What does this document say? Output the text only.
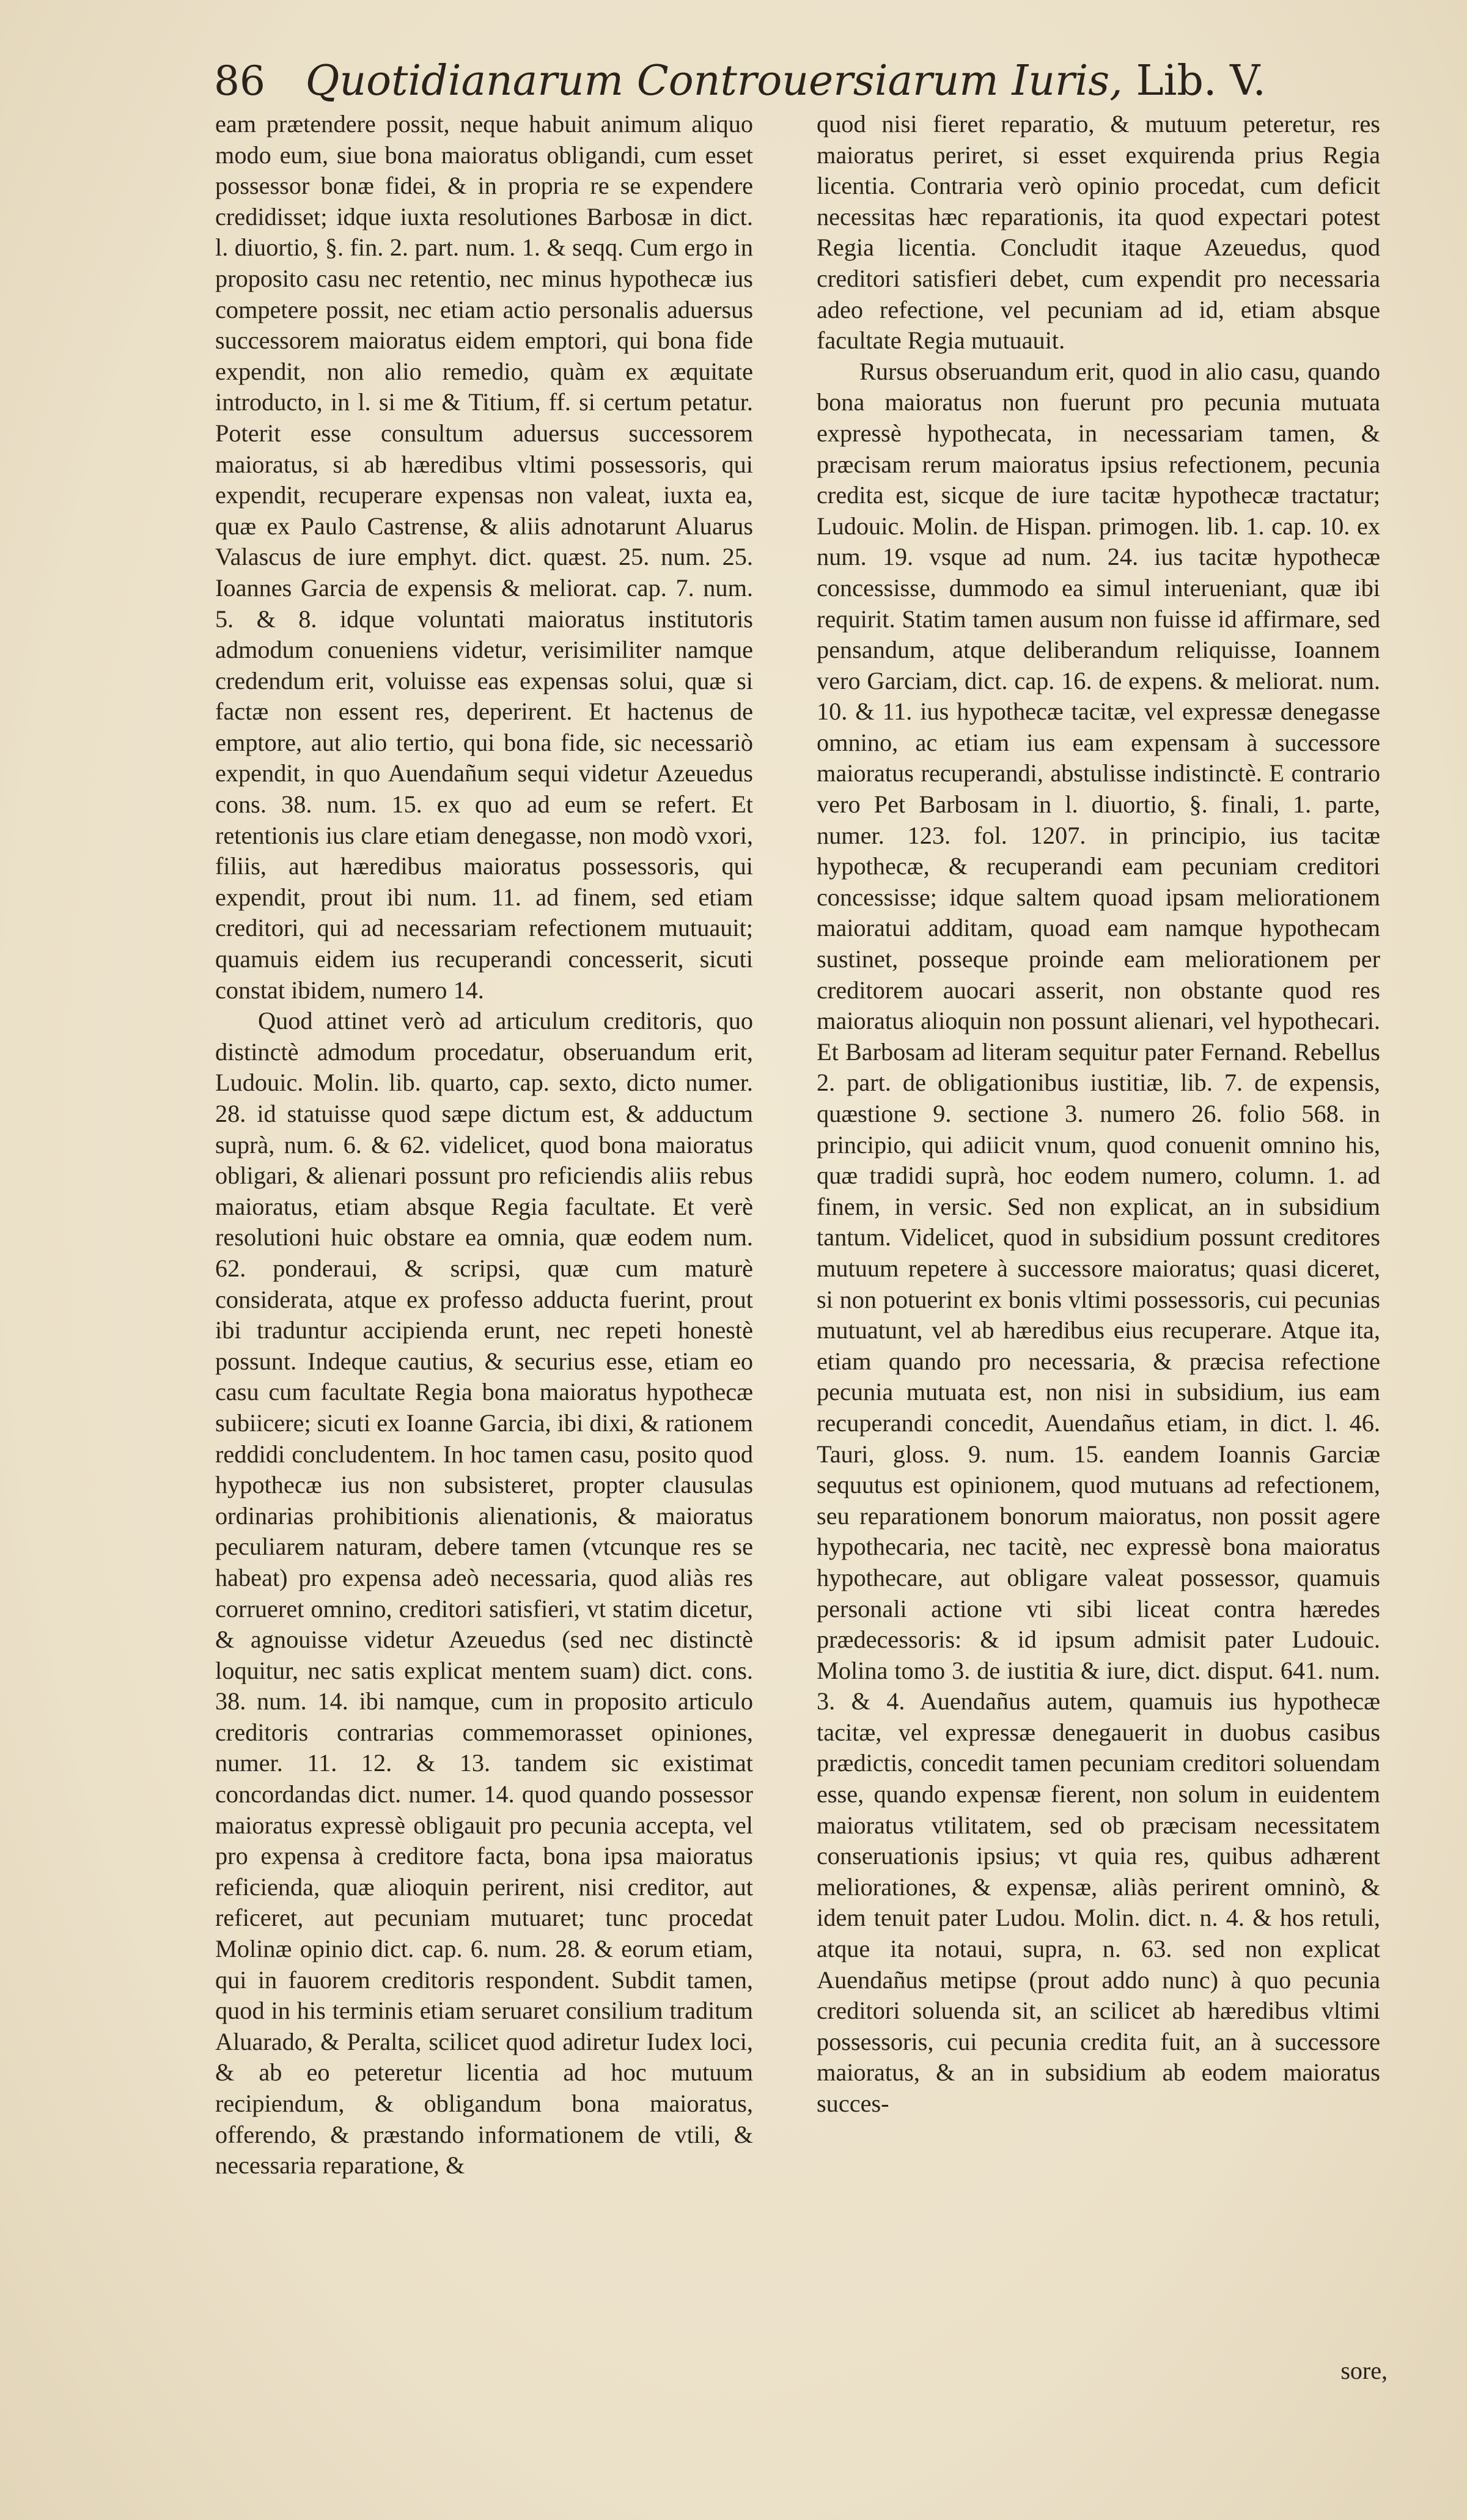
86 Quotidianarum Controuersiarum Iuris, Lib. V.

eam prætendere possit, neque habuit animum aliquo modo eum, siue bona maioratus obligandi, cum esset possessor bonæ fidei, & in propria re se expendere credidisset; idque iuxta resolutiones Barbosæ in dict. l. diuortio, §. fin. 2. part. num. 1. & seqq. Cum ergo in proposito casu nec retentio, nec minus hypothecæ ius competere possit, nec etiam actio personalis aduersus successorem maioratus eidem emptori, qui bona fide expendit, non alio remedio, quàm ex æquitate introducto, in l. si me & Titium, ff. si certum petatur. Poterit esse consultum aduersus successorem maioratus, si ab hæredibus vltimi possessoris, qui expendit, recuperare expensas non valeat, iuxta ea, quæ ex Paulo Castrense, & aliis adnotarunt Aluarus Valascus de iure emphyt. dict. quæst. 25. num. 25. Ioannes Garcia de expensis & meliorat. cap. 7. num. 5. & 8. idque voluntati maioratus institutoris admodum conueniens videtur, verisimiliter namque credendum erit, voluisse eas expensas solui, quæ si factæ non essent res, deperirent. Et hactenus de emptore, aut alio tertio, qui bona fide, sic necessariò expendit, in quo Auendañum sequi videtur Azeuedus cons. 38. num. 15. ex quo ad eum se refert. Et retentionis ius clare etiam denegasse, non modò vxori, filiis, aut hæredibus maioratus possessoris, qui expendit, prout ibi num. 11. ad finem, sed etiam creditori, qui ad necessariam refectionem mutuauit; quamuis eidem ius recuperandi concesserit, sicuti constat ibidem, numero 14.

Quod attinet verò ad articulum creditoris, quo distinctè admodum procedatur, obseruandum erit, Ludouic. Molin. lib. quarto, cap. sexto, dicto numer. 28. id statuisse quod sæpe dictum est, & adductum suprà, num. 6. & 62. videlicet, quod bona maioratus obligari, & alienari possunt pro reficiendis aliis rebus maioratus, etiam absque Regia facultate. Et verè resolutioni huic obstare ea omnia, quæ eodem num. 62. ponderaui, & scripsi, quæ cum maturè considerata, atque ex professo adducta fuerint, prout ibi traduntur accipienda erunt, nec repeti honestè possunt. Indeque cautius, & securius esse, etiam eo casu cum facultate Regia bona maioratus hypothecæ subiicere; sicuti ex Ioanne Garcia, ibi dixi, & rationem reddidi concludentem. In hoc tamen casu, posito quod hypothecæ ius non subsisteret, propter clausulas ordinarias prohibitionis alienationis, & maioratus peculiarem naturam, debere tamen (vtcunque res se habeat) pro expensa adeò necessaria, quod aliàs res corrueret omnino, creditori satisfieri, vt statim dicetur, & agnouisse videtur Azeuedus (sed nec distinctè loquitur, nec satis explicat mentem suam) dict. cons. 38. num. 14. ibi namque, cum in proposito articulo creditoris contrarias commemorasset opiniones, numer. 11. 12. & 13. tandem sic existimat concordandas dict. numer. 14. quod quando possessor maioratus expressè obligauit pro pecunia accepta, vel pro expensa à creditore facta, bona ipsa maioratus reficienda, quæ alioquin perirent, nisi creditor, aut reficeret, aut pecuniam mutuaret; tunc procedat Molinæ opinio dict. cap. 6. num. 28. & eorum etiam, qui in fauorem creditoris respondent. Subdit tamen, quod in his terminis etiam seruaret consilium traditum Aluarado, & Peralta, scilicet quod adiretur Iudex loci, & ab eo peteretur licentia ad hoc mutuum recipiendum, & obligandum bona maioratus, offerendo, & præstando informationem de vtili, & necessaria reparatione, &

quod nisi fieret reparatio, & mutuum peteretur, res maioratus periret, si esset exquirenda prius Regia licentia. Contraria verò opinio procedat, cum deficit necessitas hæc reparationis, ita quod expectari potest Regia licentia. Concludit itaque Azeuedus, quod creditori satisfieri debet, cum expendit pro necessaria adeo refectione, vel pecuniam ad id, etiam absque facultate Regia mutuauit.

Rursus obseruandum erit, quod in alio casu, quando bona maioratus non fuerunt pro pecunia mutuata expressè hypothecata, in necessariam tamen, & præcisam rerum maioratus ipsius refectionem, pecunia credita est, sicque de iure tacitæ hypothecæ tractatur; Ludouic. Molin. de Hispan. primogen. lib. 1. cap. 10. ex num. 19. vsque ad num. 24. ius tacitæ hypothecæ concessisse, dummodo ea simul interueniant, quæ ibi requirit. Statim tamen ausum non fuisse id affirmare, sed pensandum, atque deliberandum reliquisse, Ioannem vero Garciam, dict. cap. 16. de expens. & meliorat. num. 10. & 11. ius hypothecæ tacitæ, vel expressæ denegasse omnino, ac etiam ius eam expensam à successore maioratus recuperandi, abstulisse indistinctè. E contrario vero Pet Barbosam in l. diuortio, §. finali, 1. parte, numer. 123. fol. 1207. in principio, ius tacitæ hypothecæ, & recuperandi eam pecuniam creditori concessisse; idque saltem quoad ipsam meliorationem maioratui additam, quoad eam namque hypothecam sustinet, posseque proinde eam meliorationem per creditorem auocari asserit, non obstante quod res maioratus alioquin non possunt alienari, vel hypothecari. Et Barbosam ad literam sequitur pater Fernand. Rebellus 2. part. de obligationibus iustitiæ, lib. 7. de expensis, quæstione 9. sectione 3. numero 26. folio 568. in principio, qui adiicit vnum, quod conuenit omnino his, quæ tradidi suprà, hoc eodem numero, column. 1. ad finem, in versic. Sed non explicat, an in subsidium tantum. Videlicet, quod in subsidium possunt creditores mutuum repetere à successore maioratus; quasi diceret, si non potuerint ex bonis vltimi possessoris, cui pecunias mutuatunt, vel ab hæredibus eius recuperare. Atque ita, etiam quando pro necessaria, & præcisa refectione pecunia mutuata est, non nisi in subsidium, ius eam recuperandi concedit, Auendañus etiam, in dict. l. 46. Tauri, gloss. 9. num. 15. eandem Ioannis Garciæ sequutus est opinionem, quod mutuans ad refectionem, seu reparationem bonorum maioratus, non possit agere hypothecaria, nec tacitè, nec expressè bona maioratus hypothecare, aut obligare valeat possessor, quamuis personali actione vti sibi liceat contra hæredes prædecessoris: & id ipsum admisit pater Ludouic. Molina tomo 3. de iustitia & iure, dict. disput. 641. num. 3. & 4. Auendañus autem, quamuis ius hypothecæ tacitæ, vel expressæ denegauerit in duobus casibus prædictis, concedit tamen pecuniam creditori soluendam esse, quando expensæ fierent, non solum in euidentem maioratus vtilitatem, sed ob præcisam necessitatem conseruationis ipsius; vt quia res, quibus adhærent meliorationes, & expensæ, aliàs perirent omninò, & idem tenuit pater Ludou. Molin. dict. n. 4. & hos retuli, atque ita notaui, supra, n. 63. sed non explicat Auendañus metipse (prout addo nunc) à quo pecunia creditori soluenda sit, an scilicet ab hæredibus vltimi possessoris, cui pecunia credita fuit, an à successore maioratus, & an in subsidium ab eodem maioratus succes-

sore,
